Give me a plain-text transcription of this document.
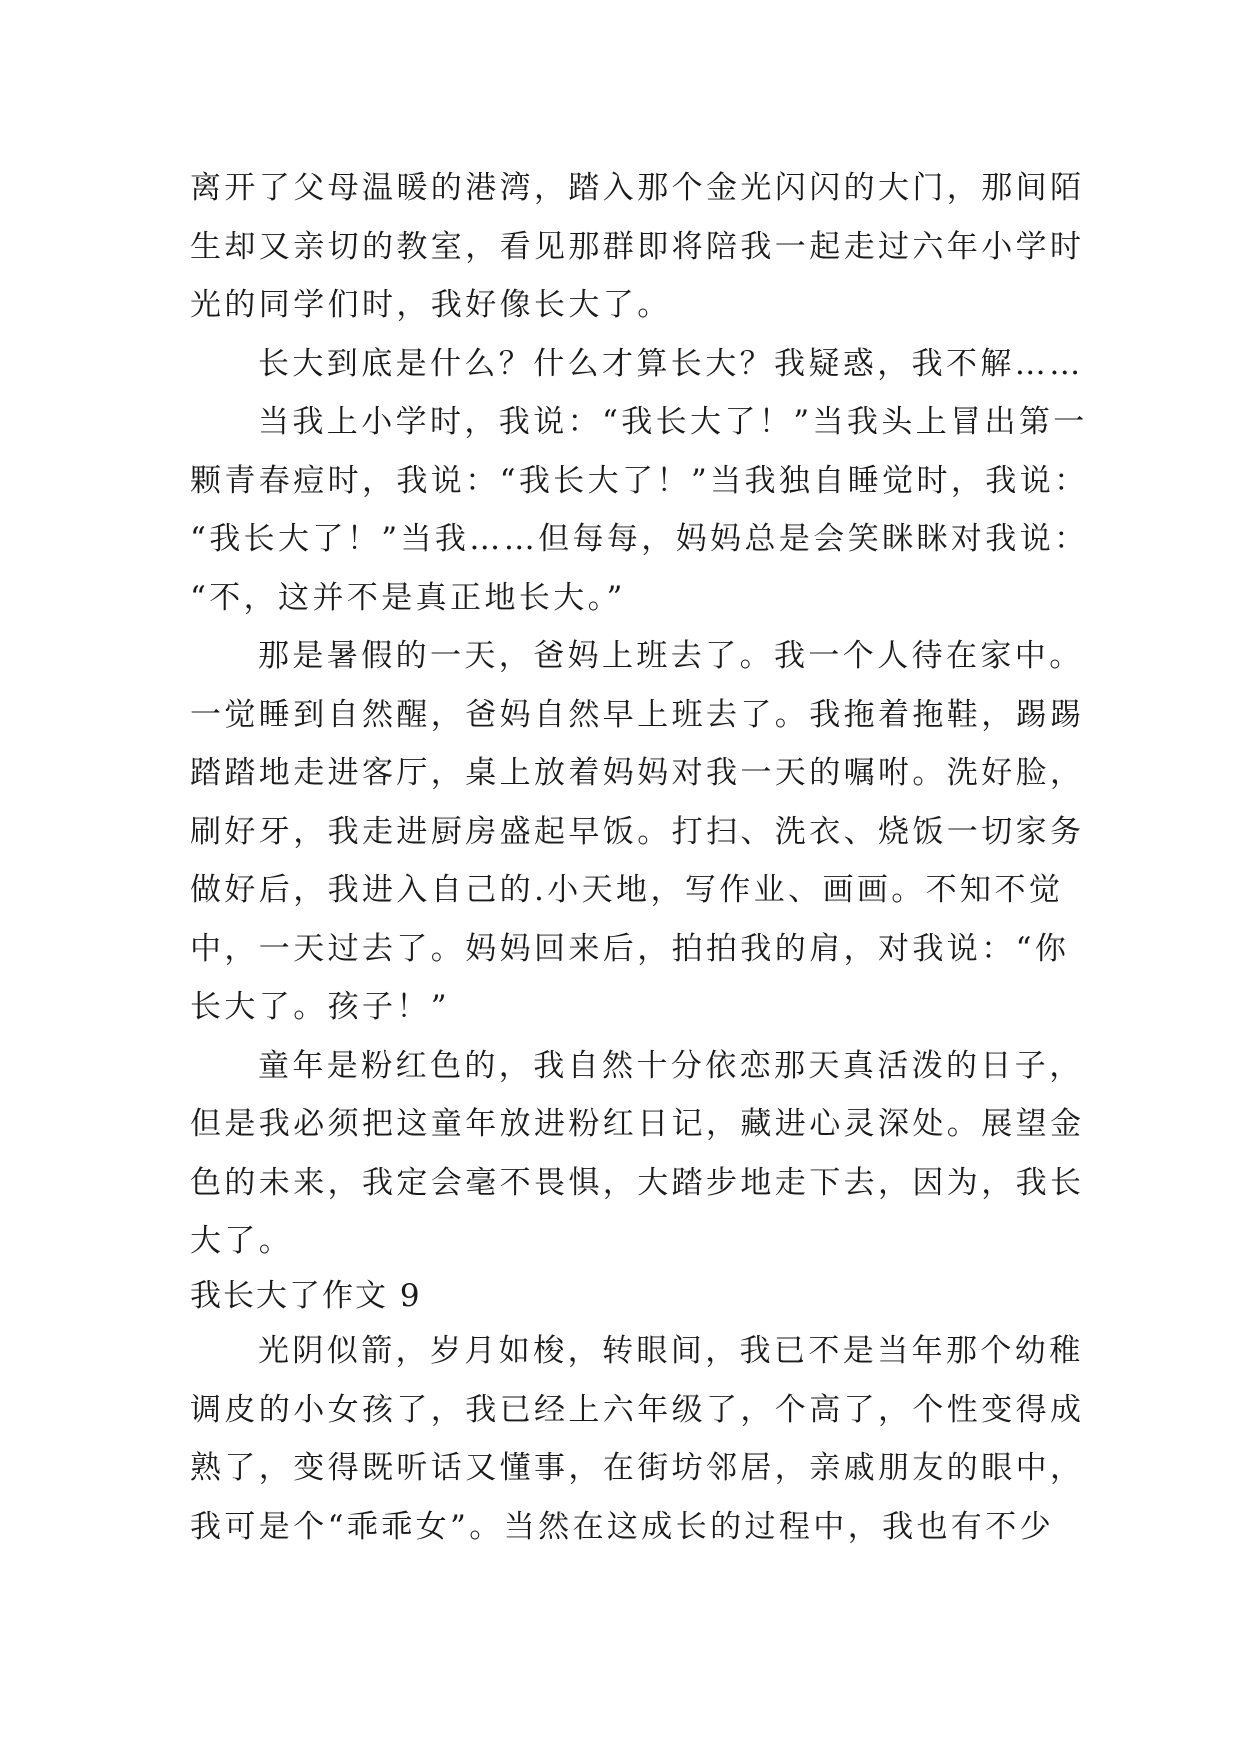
离开了父母温暖的港湾，踏入那个金光闪闪的大门，那间陌
生却又亲切的教室，看见那群即将陪我一起走过六年小学时
光的同学们时，我好像长大了。
长大到底是什么？什么才算长大？我疑惑，我不解……
当我上小学时，我说：“我长大了！”当我头上冒出第一
颗青春痘时，我说：“我长大了！”当我独自睡觉时，我说：
“我长大了！”当我……但每每，妈妈总是会笑眯眯对我说：
“不，这并不是真正地长大。”
那是暑假的一天，爸妈上班去了。我一个人待在家中。
一觉睡到自然醒，爸妈自然早上班去了。我拖着拖鞋，踢踢
踏踏地走进客厅，桌上放着妈妈对我一天的嘱咐。洗好脸，
刷好牙，我走进厨房盛起早饭。打扫、洗衣、烧饭一切家务
做好后，我进入自己的.小天地，写作业、画画。不知不觉
中，一天过去了。妈妈回来后，拍拍我的肩，对我说：“你
长大了。孩子！”
童年是粉红色的，我自然十分依恋那天真活泼的日子，
但是我必须把这童年放进粉红日记，藏进心灵深处。展望金
色的未来，我定会毫不畏惧，大踏步地走下去，因为，我长
大了。
我长大了作文 9
光阴似箭，岁月如梭，转眼间，我已不是当年那个幼稚
调皮的小女孩了，我已经上六年级了，个高了，个性变得成
熟了，变得既听话又懂事，在街坊邻居，亲戚朋友的眼中，
我可是个“乖乖女”。当然在这成长的过程中，我也有不少
